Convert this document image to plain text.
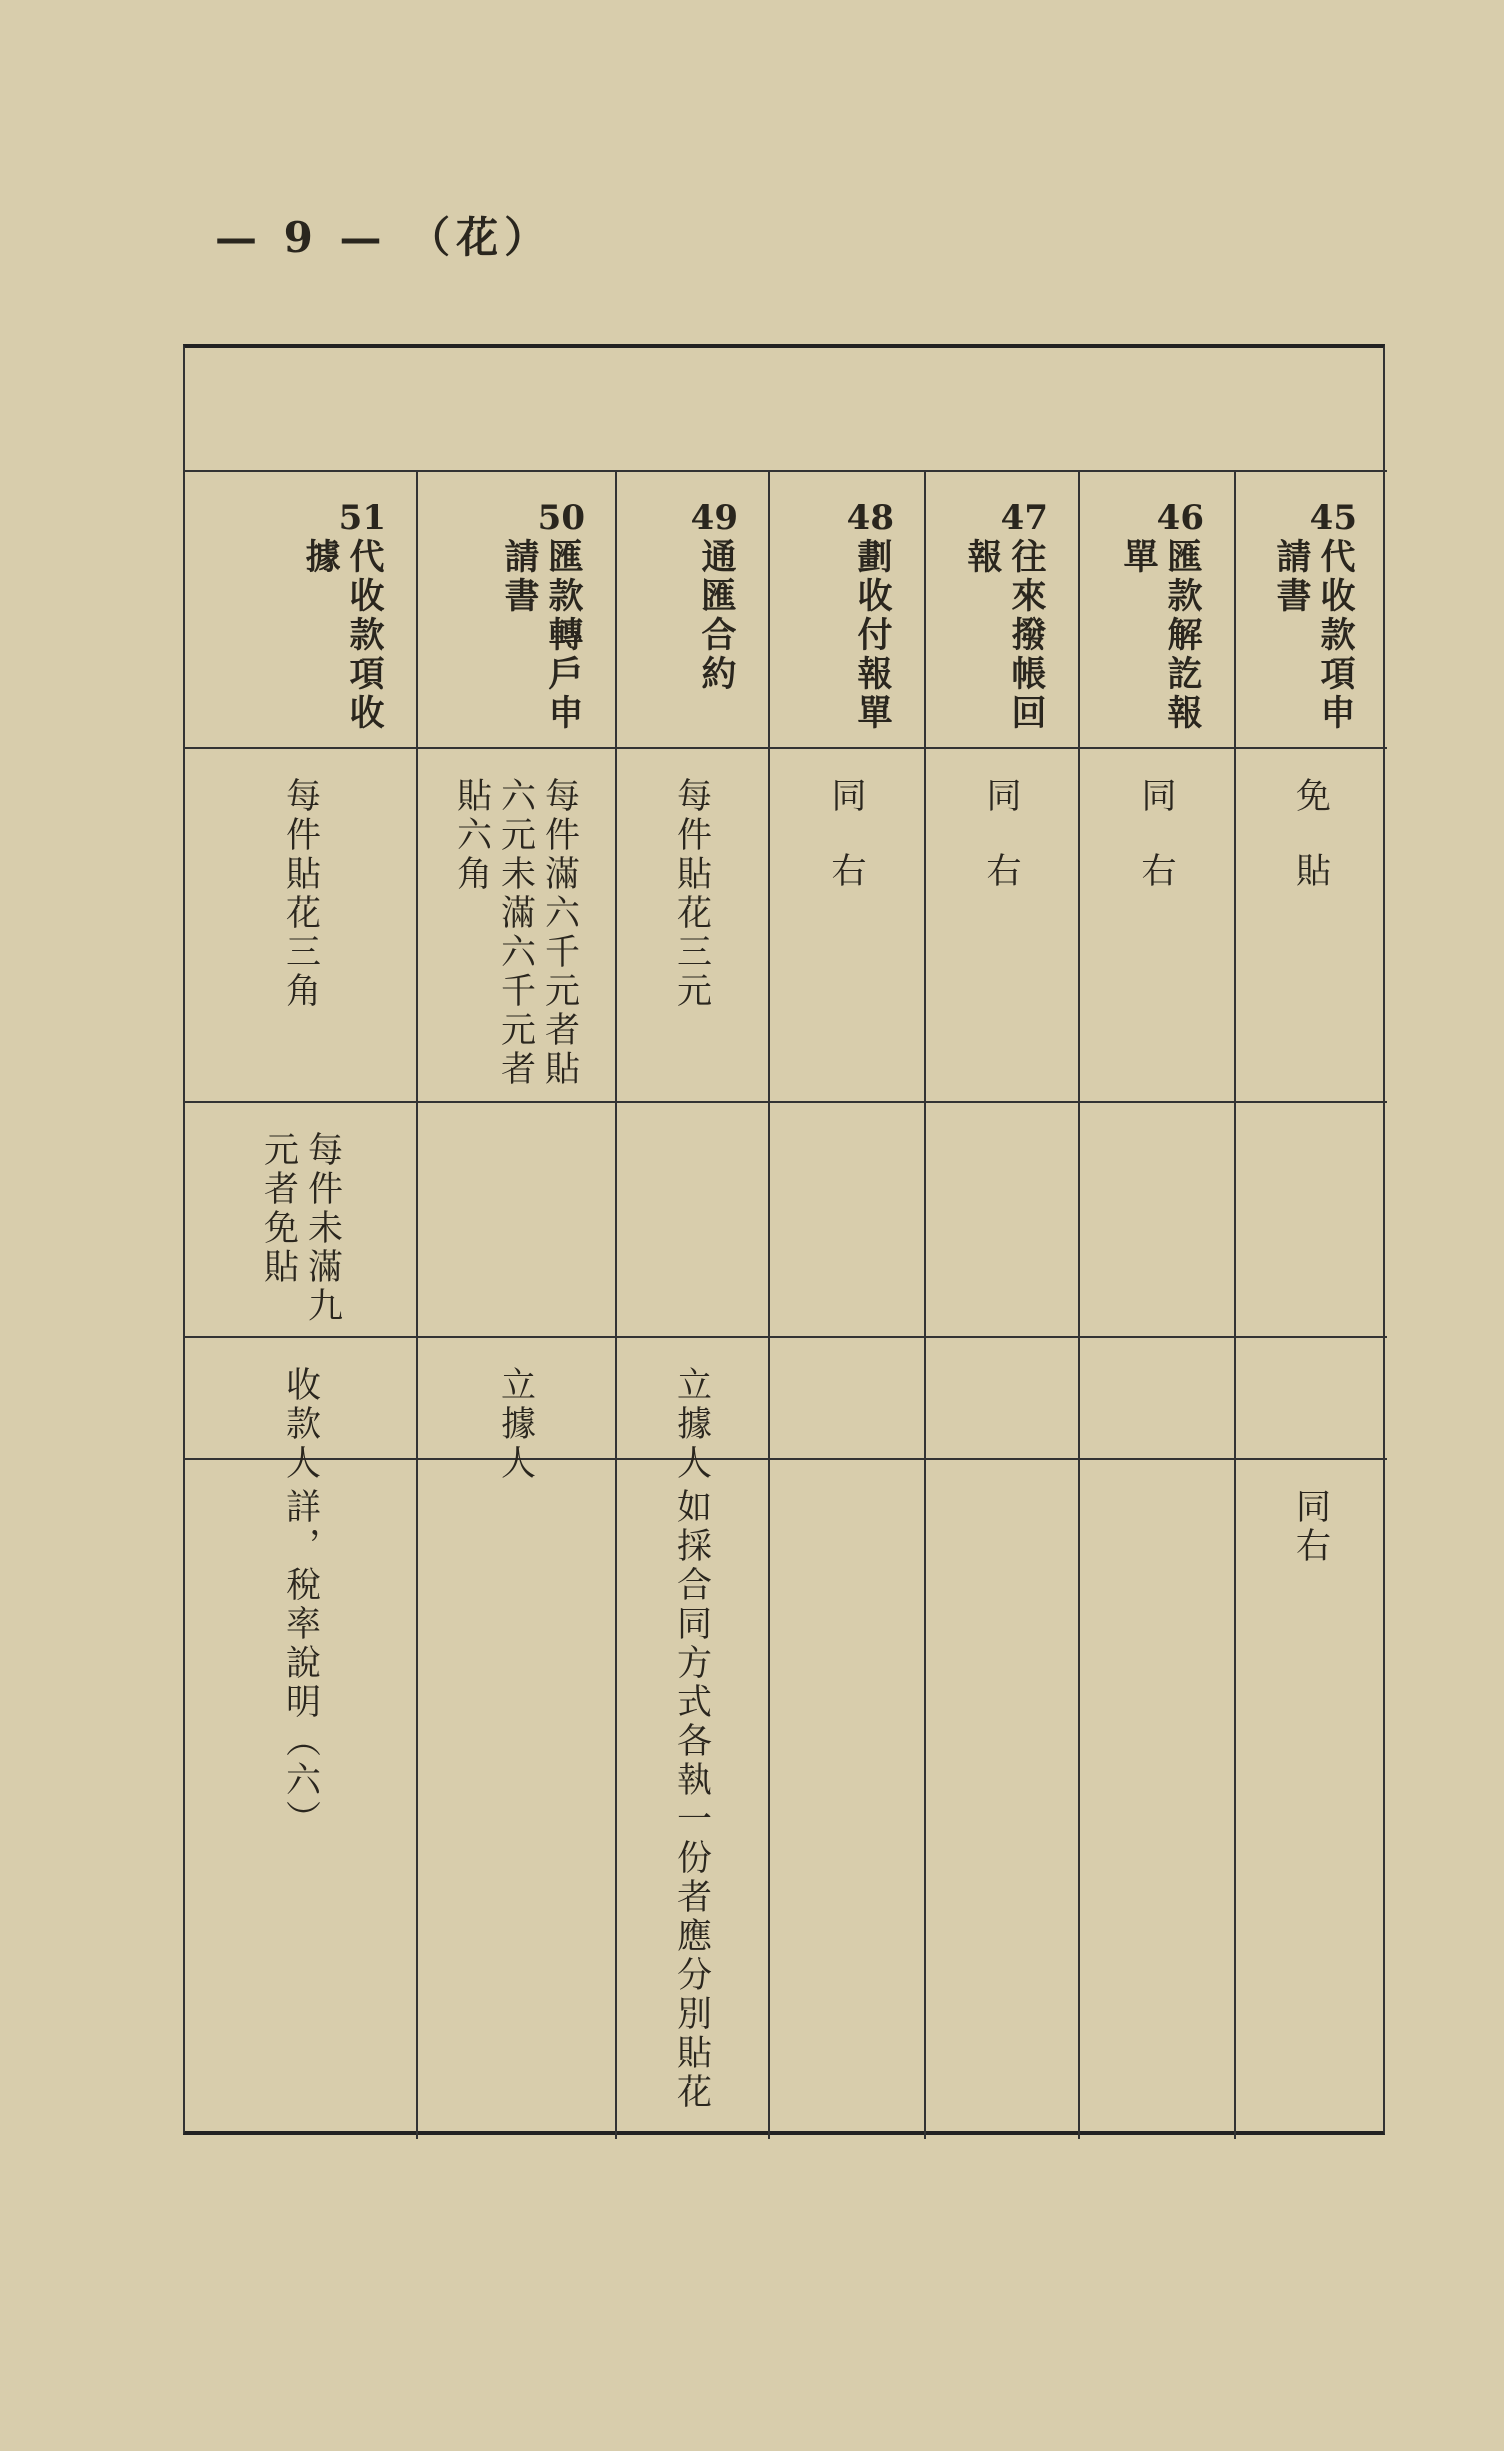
— 9 — （花）
45
代收款項申
請書
免貼
同右
46
匯款解訖報
單
同右
47
往來撥帳回
報
同右
48
劃收付報單
同右
49
通匯合約
每件貼花三元
立據人
如採合同方式各執一份者應分別貼花
50
匯款轉戶申
請書
每件滿六千元者貼
六元未滿六千元者
貼六角
立據人
51
代收款項收
據
每件貼花三角
每件未滿九
元者免貼
收款人
詳，稅率說明（六）
